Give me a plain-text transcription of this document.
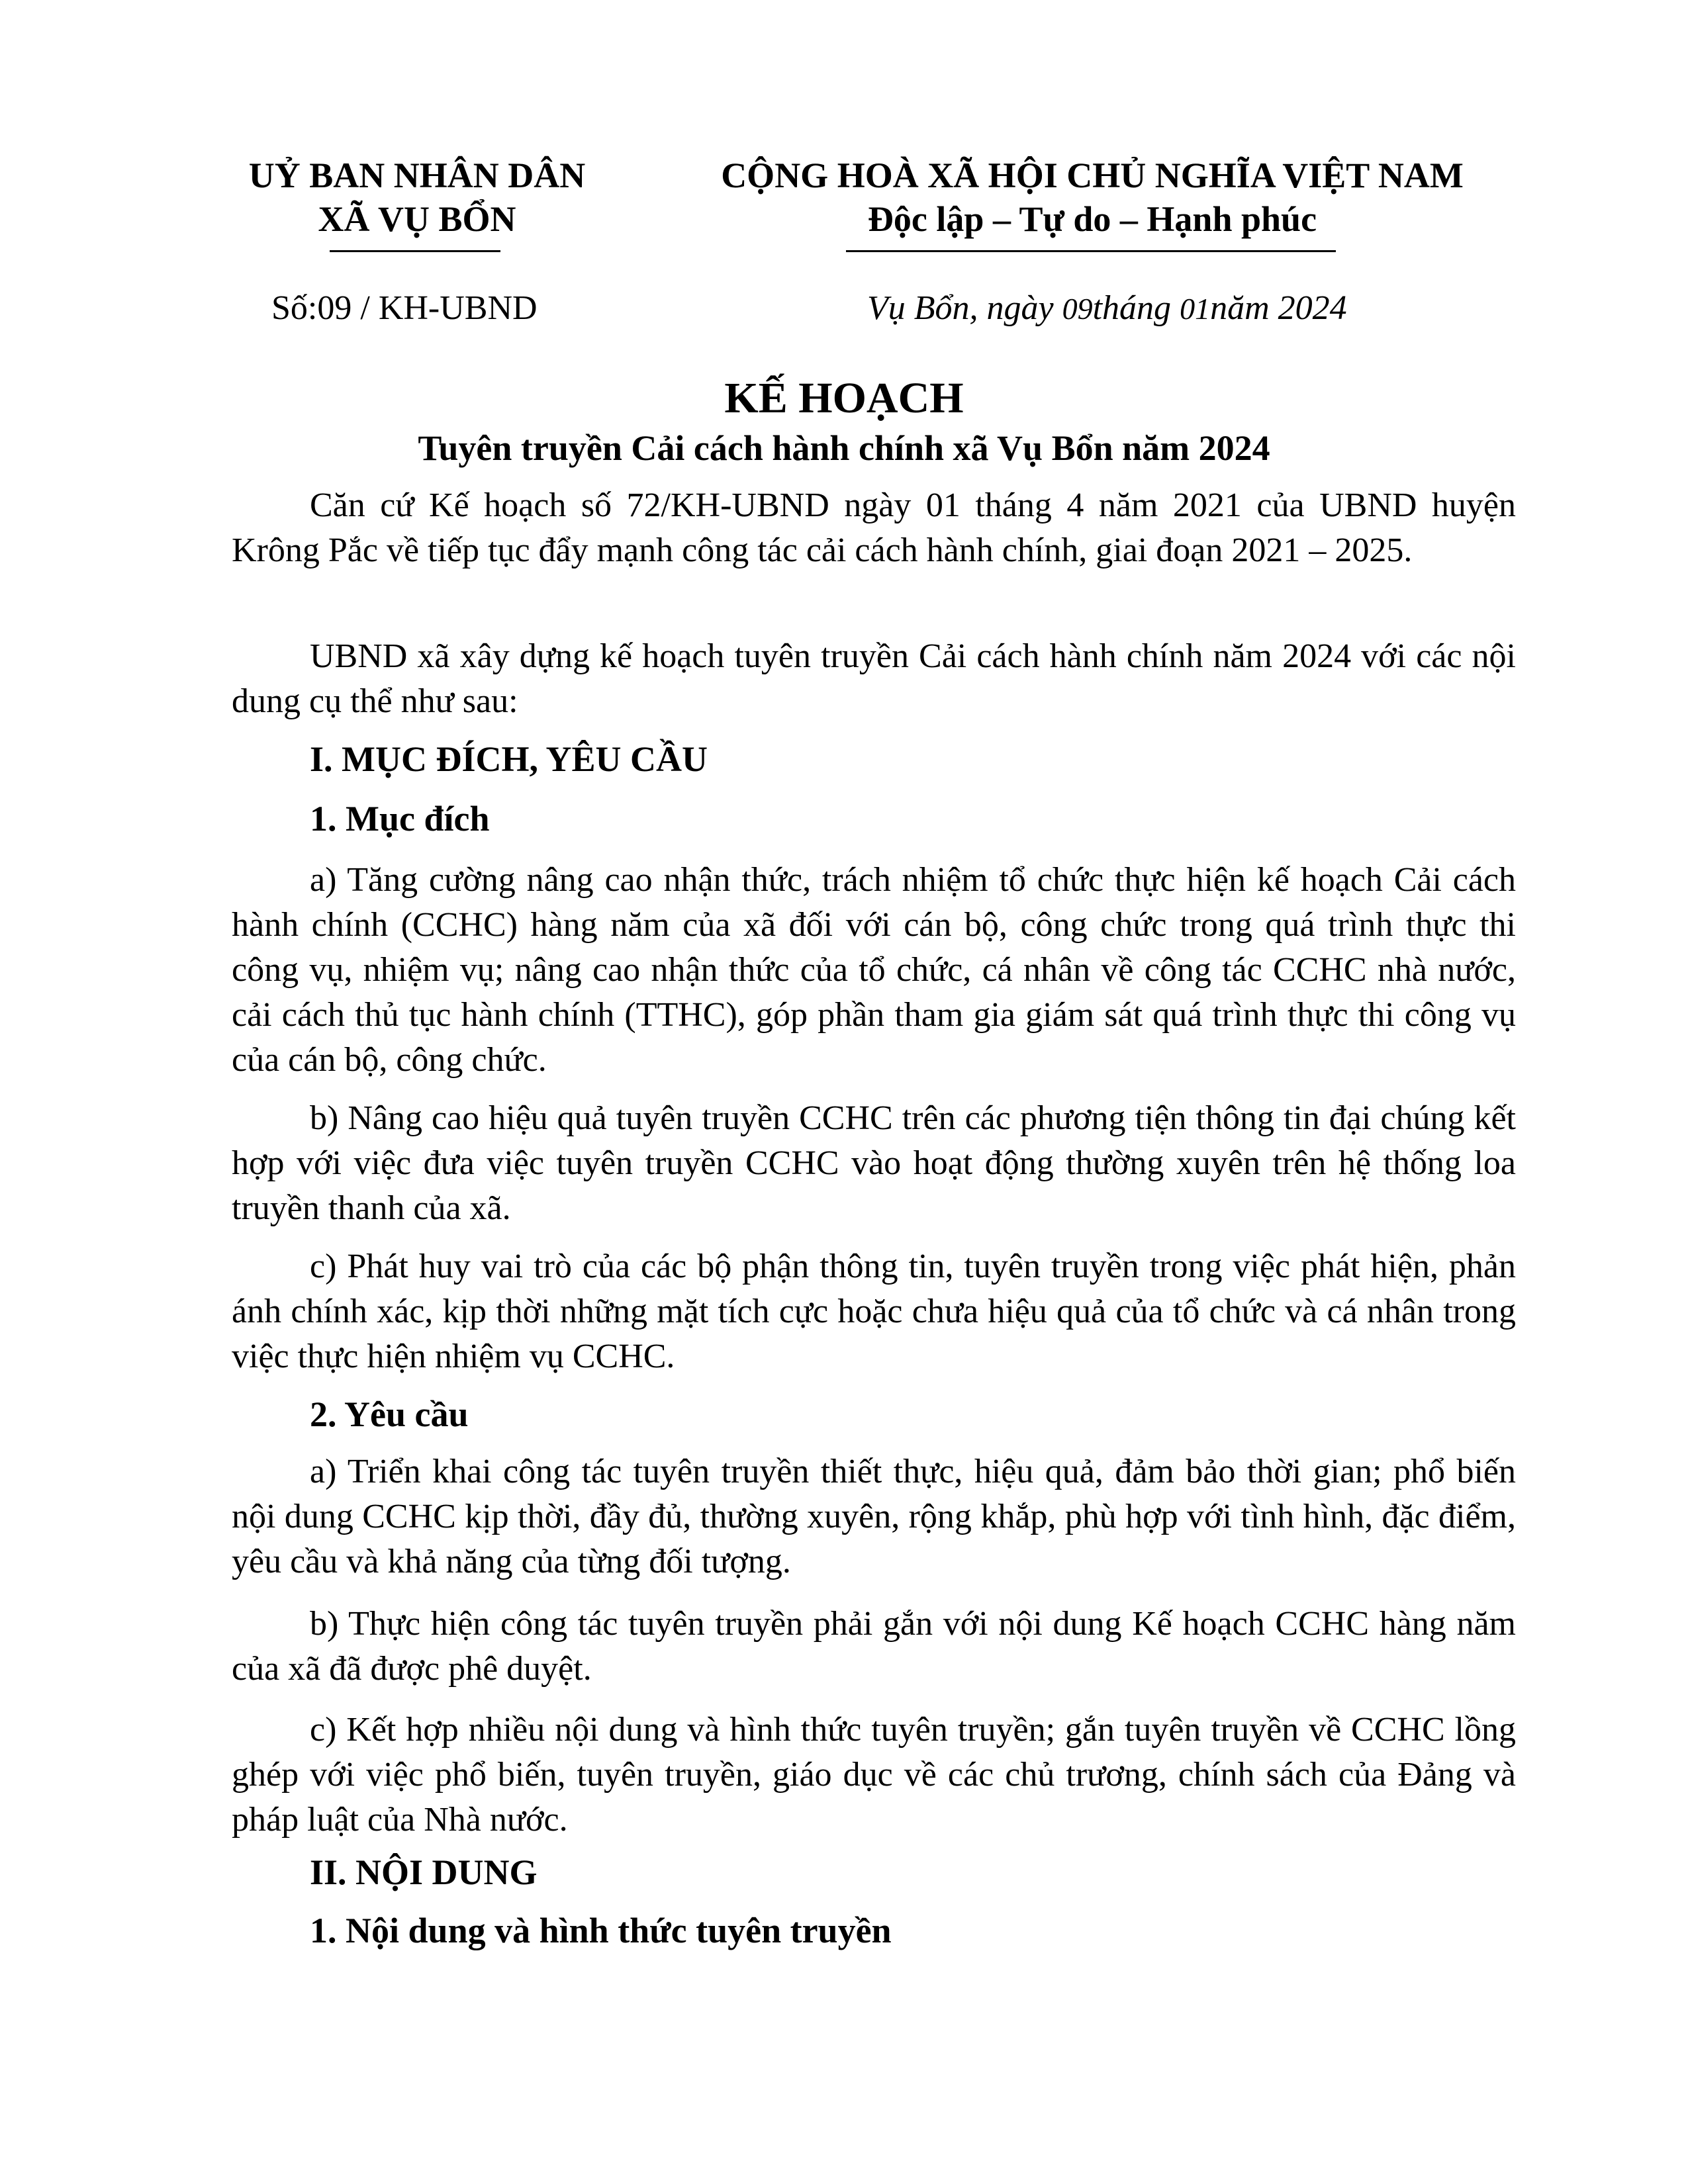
UỶ BAN NHÂN DÂN
XÃ VỤ BỔN
CỘNG HOÀ XÃ HỘI CHỦ NGHĨA VIỆT NAM
Độc lập – Tự do – Hạnh phúc
Số:09 / KH-UBND	Vụ Bổn, ngày 09tháng 01năm 2024
KẾ HOẠCH
Tuyên truyền Cải cách hành chính xã Vụ Bổn năm 2024

Căn cứ Kế hoạch số 72/KH-UBND ngày 01 tháng 4 năm 2021 của UBND huyện Krông Pắc về tiếp tục đẩy mạnh công tác cải cách hành chính, giai đoạn 2021 – 2025.

UBND xã xây dựng kế hoạch tuyên truyền Cải cách hành chính năm 2024 với các nội dung cụ thể như sau:

I. MỤC ĐÍCH, YÊU CẦU
1. Mục đích

a) Tăng cường nâng cao nhận thức, trách nhiệm tổ chức thực hiện kế hoạch Cải cách hành chính (CCHC) hàng năm của xã đối với cán bộ, công chức trong quá trình thực thi công vụ, nhiệm vụ; nâng cao nhận thức của tổ chức, cá nhân về công tác CCHC nhà nước, cải cách thủ tục hành chính (TTHC), góp phần tham gia giám sát quá trình thực thi công vụ của cán bộ, công chức.

b) Nâng cao hiệu quả tuyên truyền CCHC trên các phương tiện thông tin đại chúng kết hợp với việc đưa việc tuyên truyền CCHC vào hoạt động thường xuyên trên hệ thống loa truyền thanh của xã.

c) Phát huy vai trò của các bộ phận thông tin, tuyên truyền trong việc phát hiện, phản ánh chính xác, kịp thời những mặt tích cực hoặc chưa hiệu quả của tổ chức và cá nhân trong việc thực hiện nhiệm vụ CCHC.

2. Yêu cầu

a) Triển khai công tác tuyên truyền thiết thực, hiệu quả, đảm bảo thời gian; phổ biến nội dung CCHC kịp thời, đầy đủ, thường xuyên, rộng khắp, phù hợp với tình hình, đặc điểm, yêu cầu và khả năng của từng đối tượng.

b) Thực hiện công tác tuyên truyền phải gắn với nội dung Kế hoạch CCHC hàng năm của xã đã được phê duyệt.

c) Kết hợp nhiều nội dung và hình thức tuyên truyền; gắn tuyên truyền về CCHC lồng ghép với việc phổ biến, tuyên truyền, giáo dục về các chủ trương, chính sách của Đảng và pháp luật của Nhà nước.

II. NỘI DUNG
1. Nội dung và hình thức tuyên truyền
